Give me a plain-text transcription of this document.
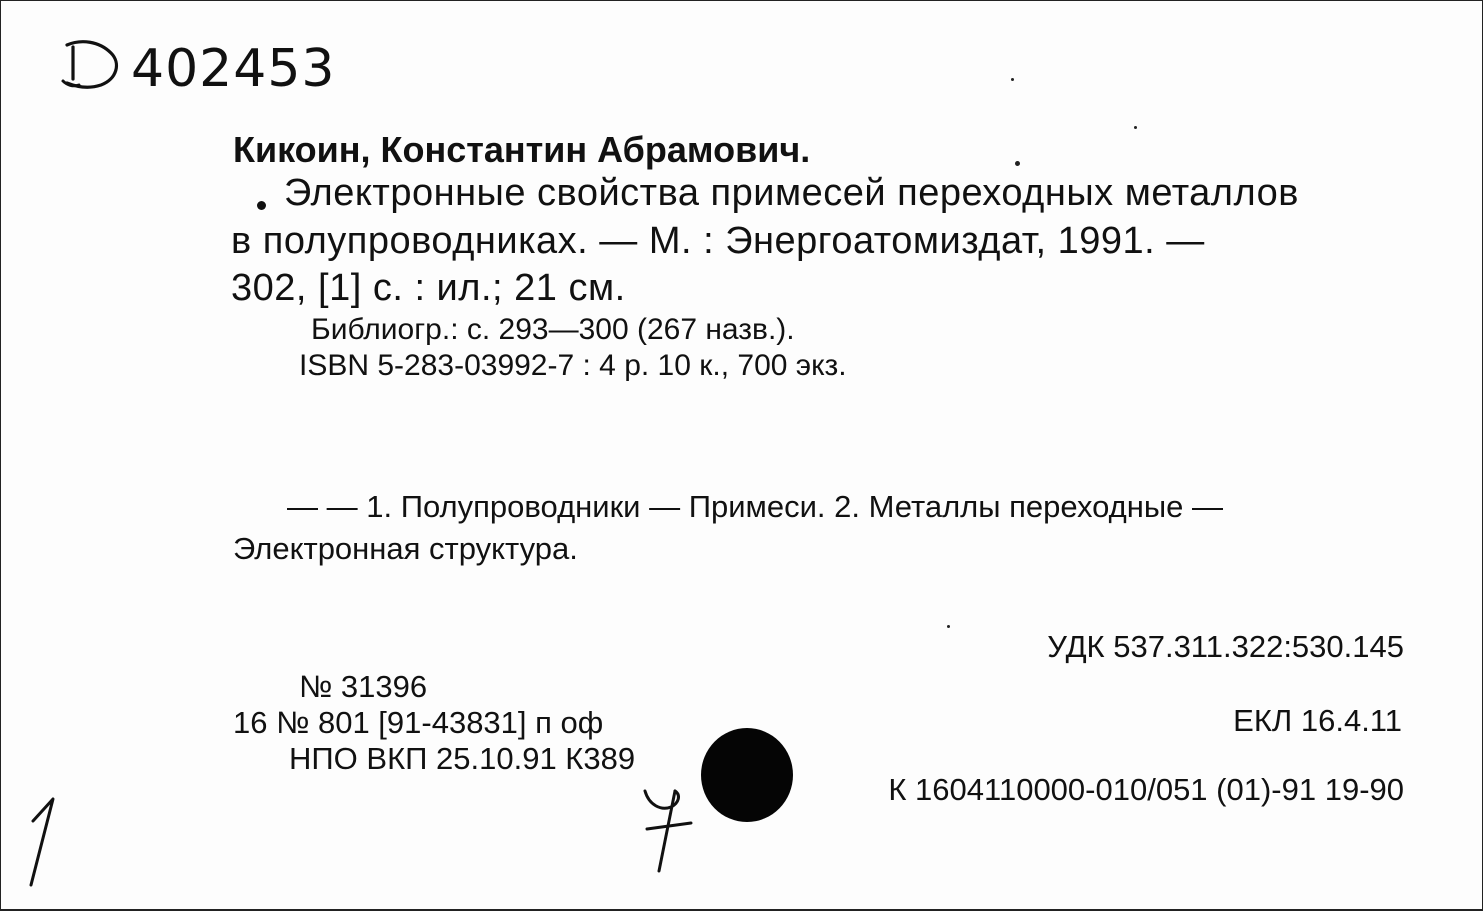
402453
Кикоин, Константин Абрамович.
Электронные свойства примесей переходных металлов
в полупроводниках. — М. : Энергоатомиздат, 1991. —
302, [1] с. : ил.; 21 см.
Библиогр.: с. 293—300 (267 назв.).
ISBN 5-283-03992-7 : 4 р. 10 к., 700 экз.
— — 1. Полупроводники — Примеси. 2. Металлы переходные —
Электронная структура.
УДК 537.311.322:530.145
ЕКЛ 16.4.11
К 1604110000-010/051 (01)-91 19-90
№ 31396
16 № 801 [91-43831] п оф
НПО ВКП 25.10.91 К389
